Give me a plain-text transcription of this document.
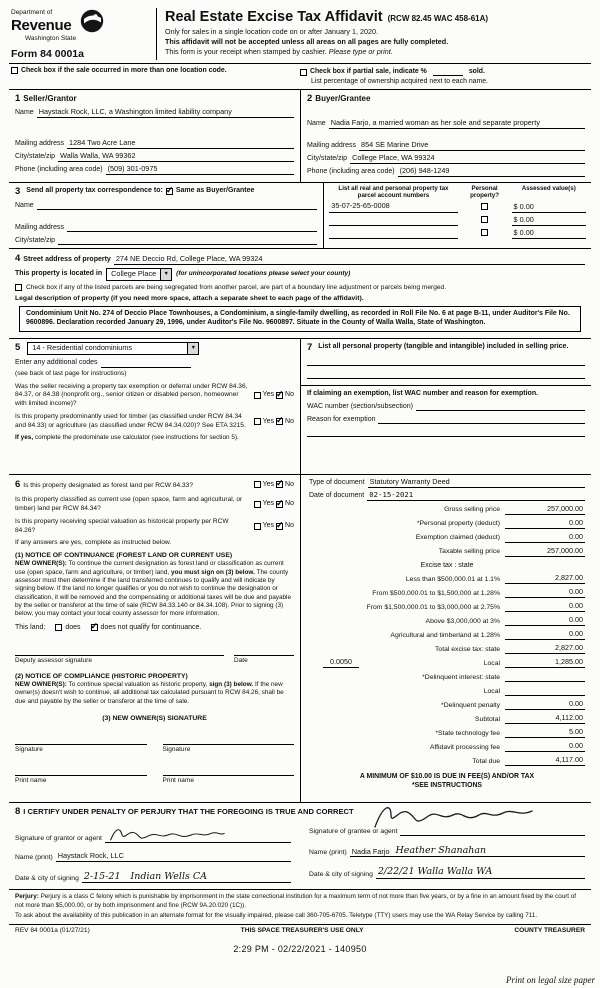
Department of
Revenue
Washington State
Form 84 0001a
Real Estate Excise Tax Affidavit (RCW 82.45 WAC 458-61A)
Only for sales in a single location code on or after January 1, 2020.
This affidavit will not be accepted unless all areas on all pages are fully completed.
This form is your receipt when stamped by cashier. Please type or print.
Check box if the sale occurred in more than one location code.	Check box if partial sale, indicate %	sold.
List percentage of ownership acquired next to each name.
1 Seller/Grantor
Name Haystack Rock, LLC, a Washington limited liability company
Mailing address 1284 Two Acre Lane
City/state/zip Walla Walla, WA 99362
Phone (including area code) (509) 301-0975
2 Buyer/Grantee
Name Nadia Farjo, a married woman as her sole and separate property
Mailing address 854 SE Marine Drive
City/state/zip College Place, WA 99324
Phone (including area code) (206) 948-1249
3 Send all property tax correspondence to: ✓ Same as Buyer/Grantee
Name
Mailing address
City/state/zip
List all real and personal property tax parcel account numbers
Personal property?
Assessed value(s)
35-07-25-65-0008	$ 0.00
$ 0.00
$ 0.00
4 Street address of property 274 NE Deccio Rd, College Place, WA 99324
This property is located in	College Place	▼	(for unincorporated locations please select your county)
Check box if any of the listed parcels are being segregated from another parcel, are part of a boundary line adjustment or parcels being merged.
Legal description of property (if you need more space, attach a separate sheet to each page of the affidavit).
Condominium Unit No. 274 of Deccio Place Townhouses, a Condominium, a single-family dwelling, as recorded in Roll File No. 6 at page B-11, under Auditor's File No. 9600896. Declaration recorded January 29, 1996, under Auditor's File No. 9600897. Situate in the County of Walla Walla, State of Washington.
5	14 - Residential condominiums	▼
Enter any additional codes
(see back of last page for instructions)
Was the seller receiving a property tax exemption or deferral under RCW 84.36, 84.37, or 84.38 (nonprofit org., senior citizen or disabled person, homeowner with limited income)?
Yes ✓ No
Is this property predominantly used for timber (as classified under RCW 84.34 and 84.33) or agriculture (as classified under RCW 84.34.020)? See ETA 3215.
Yes ✓ No

If yes, complete the predominate use calculator (see instructions for section 5).

7 List all personal property (tangible and intangible) included in selling price.
If claiming an exemption, list WAC number and reason for exemption.
WAC number (section/subsection)
Reason for exemption
6 Is this property designated as forest land per RCW 84.33?	Yes ✓ No
Is this property classified as current use (open space, farm and agricultural, or timber) land per RCW 84.34?
Yes ✓ No
Is this property receiving special valuation as historical property per RCW 84.26?
Yes ✓ No
If any answers are yes, complete as instructed below.
(1) NOTICE OF CONTINUANCE (FOREST LAND OR CURRENT USE)

NEW OWNER(S): To continue the current designation as forest land or classification as current use (open space, farm and agriculture, or timber) land, you must sign on (3) below. The county assessor must then determine if the land transferred continues to qualify and will indicate by signing below. If the land no longer qualifies or you do not wish to continue the designation or classification, it will be removed and the compensating or additional taxes will be due and payable by the seller or transferor at the time of sale (RCW 84.33.140 or 84.34.108). Prior to signing (3) below, you may contact your local county assessor for more information.

This land:	does ✓	does not qualify for continuance.
Deputy assessor signature	Date
(2) NOTICE OF COMPLIANCE (HISTORIC PROPERTY)

NEW OWNER(S): To continue special valuation as historic property, sign (3) below. If the new owner(s) doesn't wish to continue, all additional tax calculated pursuant to RCW 84.26, shall be due and payable by the seller or transferor at the time of sale.

(3) NEW OWNER(S) SIGNATURE
Signature	Signature
Print name	Print name
Type of document Statutory Warranty Deed
Date of document 02-15-2021
Gross selling price	257,000.00
*Personal property (deduct)	0.00
Exemption claimed (deduct)	0.00
Taxable selling price	257,000.00
Excise tax : state
Less than $500,000.01 at 1.1%	2,827.00
From $500,000.01 to $1,500,000 at 1.28%	0.00
From $1,500,000.01 to $3,000,000 at 2.75%	0.00
Above $3,000,000 at 3%	0.00
Agricultural and timberland at 1.28%	0.00
Total excise tax: state	2,827.00
0.0050	Local	1,285.00
*Delinquent interest: state
Local
*Delinquent penalty	0.00
Subtotal	4,112.00
*State technology fee	5.00
Affidavit processing fee	0.00
Total due	4,117.00
A MINIMUM OF $10.00 IS DUE IN FEE(S) AND/OR TAX
*SEE INSTRUCTIONS
8 I CERTIFY UNDER PENALTY OF PERJURY THAT THE FOREGOING IS TRUE AND CORRECT
Signature of grantor or agent
Name (print) Haystack Rock, LLC
Date & city of signing 2-15-21 Indian Wells CA
Signature of grantee or agent
Name (print) Nadia Farjo Heather Shanahan
Date & city of signing 2/22/21 Walla Walla WA

Perjury: Perjury is a class C felony which is punishable by imprisonment in the state correctional institution for a maximum term of not more than five years, or by a fine in an amount fixed by the court of not more than $5,000.00, or by both imprisonment and fine (RCW 9A.20.020 (1C)).

To ask about the availability of this publication in an alternate format for the visually impaired, please call 360-705-6705. Teletype (TTY) users may use the WA Relay Service by calling 711.

REV 84 0001a (01/27/21)	THIS SPACE TREASURER'S USE ONLY	COUNTY TREASURER
2:29 PM - 02/22/2021 - 140950
Print on legal size paper
